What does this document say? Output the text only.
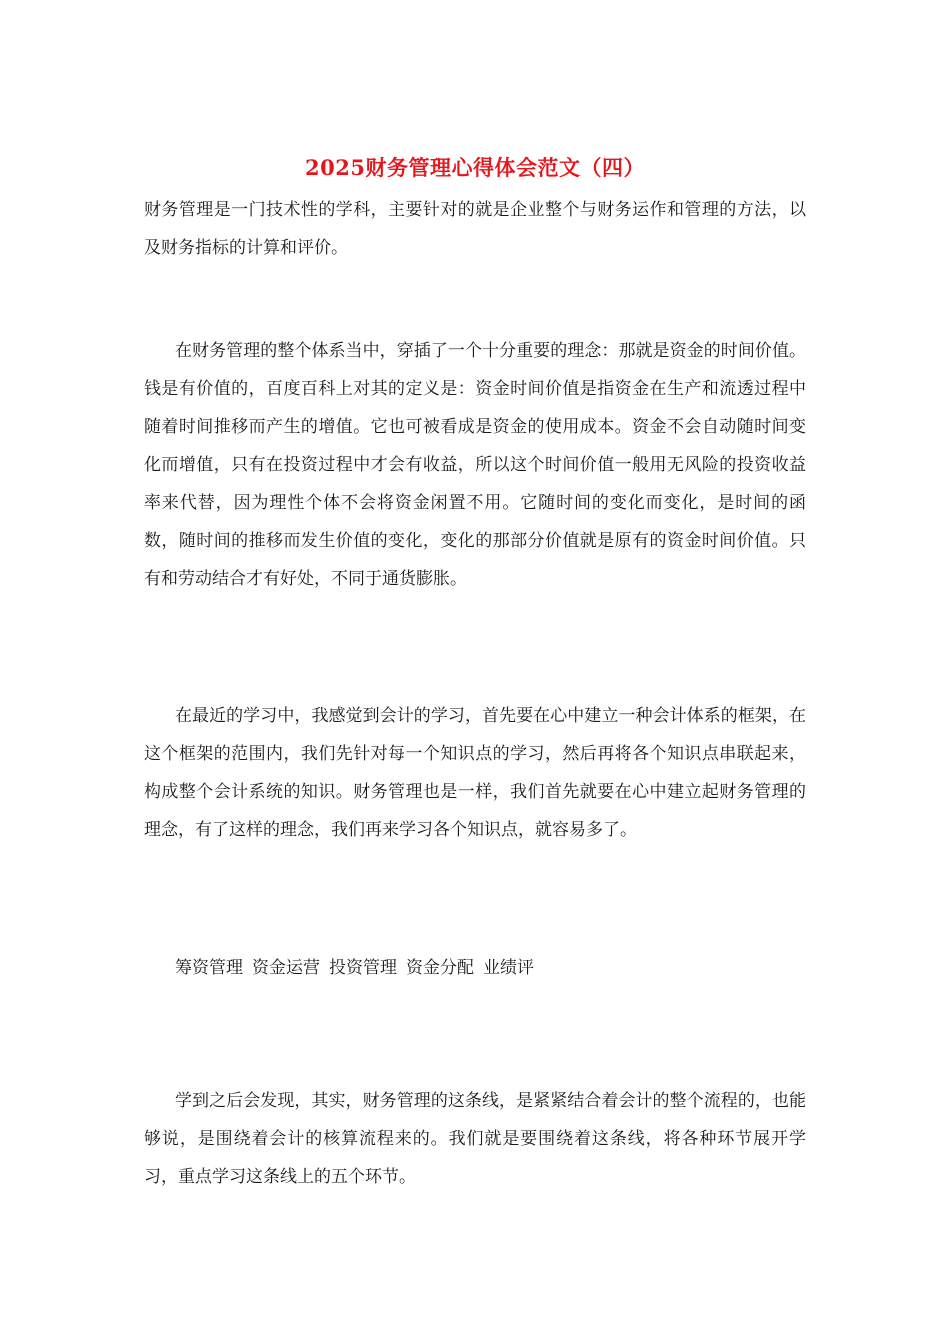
2025财务管理心得体会范文（四）

财务管理是一门技术性的学科，主要针对的就是企业整个与财务运作和管理的方法，以及财务指标的计算和评价。

在财务管理的整个体系当中，穿插了一个十分重要的理念：那就是资金的时间价值。钱是有价值的，百度百科上对其的定义是：资金时间价值是指资金在生产和流透过程中随着时间推移而产生的增值。它也可被看成是资金的使用成本。资金不会自动随时间变化而增值，只有在投资过程中才会有收益，所以这个时间价值一般用无风险的投资收益率来代替，因为理性个体不会将资金闲置不用。它随时间的变化而变化，是时间的函数，随时间的推移而发生价值的变化，变化的那部分价值就是原有的资金时间价值。只有和劳动结合才有好处，不同于通货膨胀。

在最近的学习中，我感觉到会计的学习，首先要在心中建立一种会计体系的框架，在这个框架的范围内，我们先针对每一个知识点的学习，然后再将各个知识点串联起来，构成整个会计系统的知识。财务管理也是一样，我们首先就要在心中建立起财务管理的理念，有了这样的理念，我们再来学习各个知识点，就容易多了。

筹资管理 资金运营 投资管理 资金分配 业绩评

学到之后会发现，其实，财务管理的这条线，是紧紧结合着会计的整个流程的，也能够说，是围绕着会计的核算流程来的。我们就是要围绕着这条线，将各种环节展开学习，重点学习这条线上的五个环节。
